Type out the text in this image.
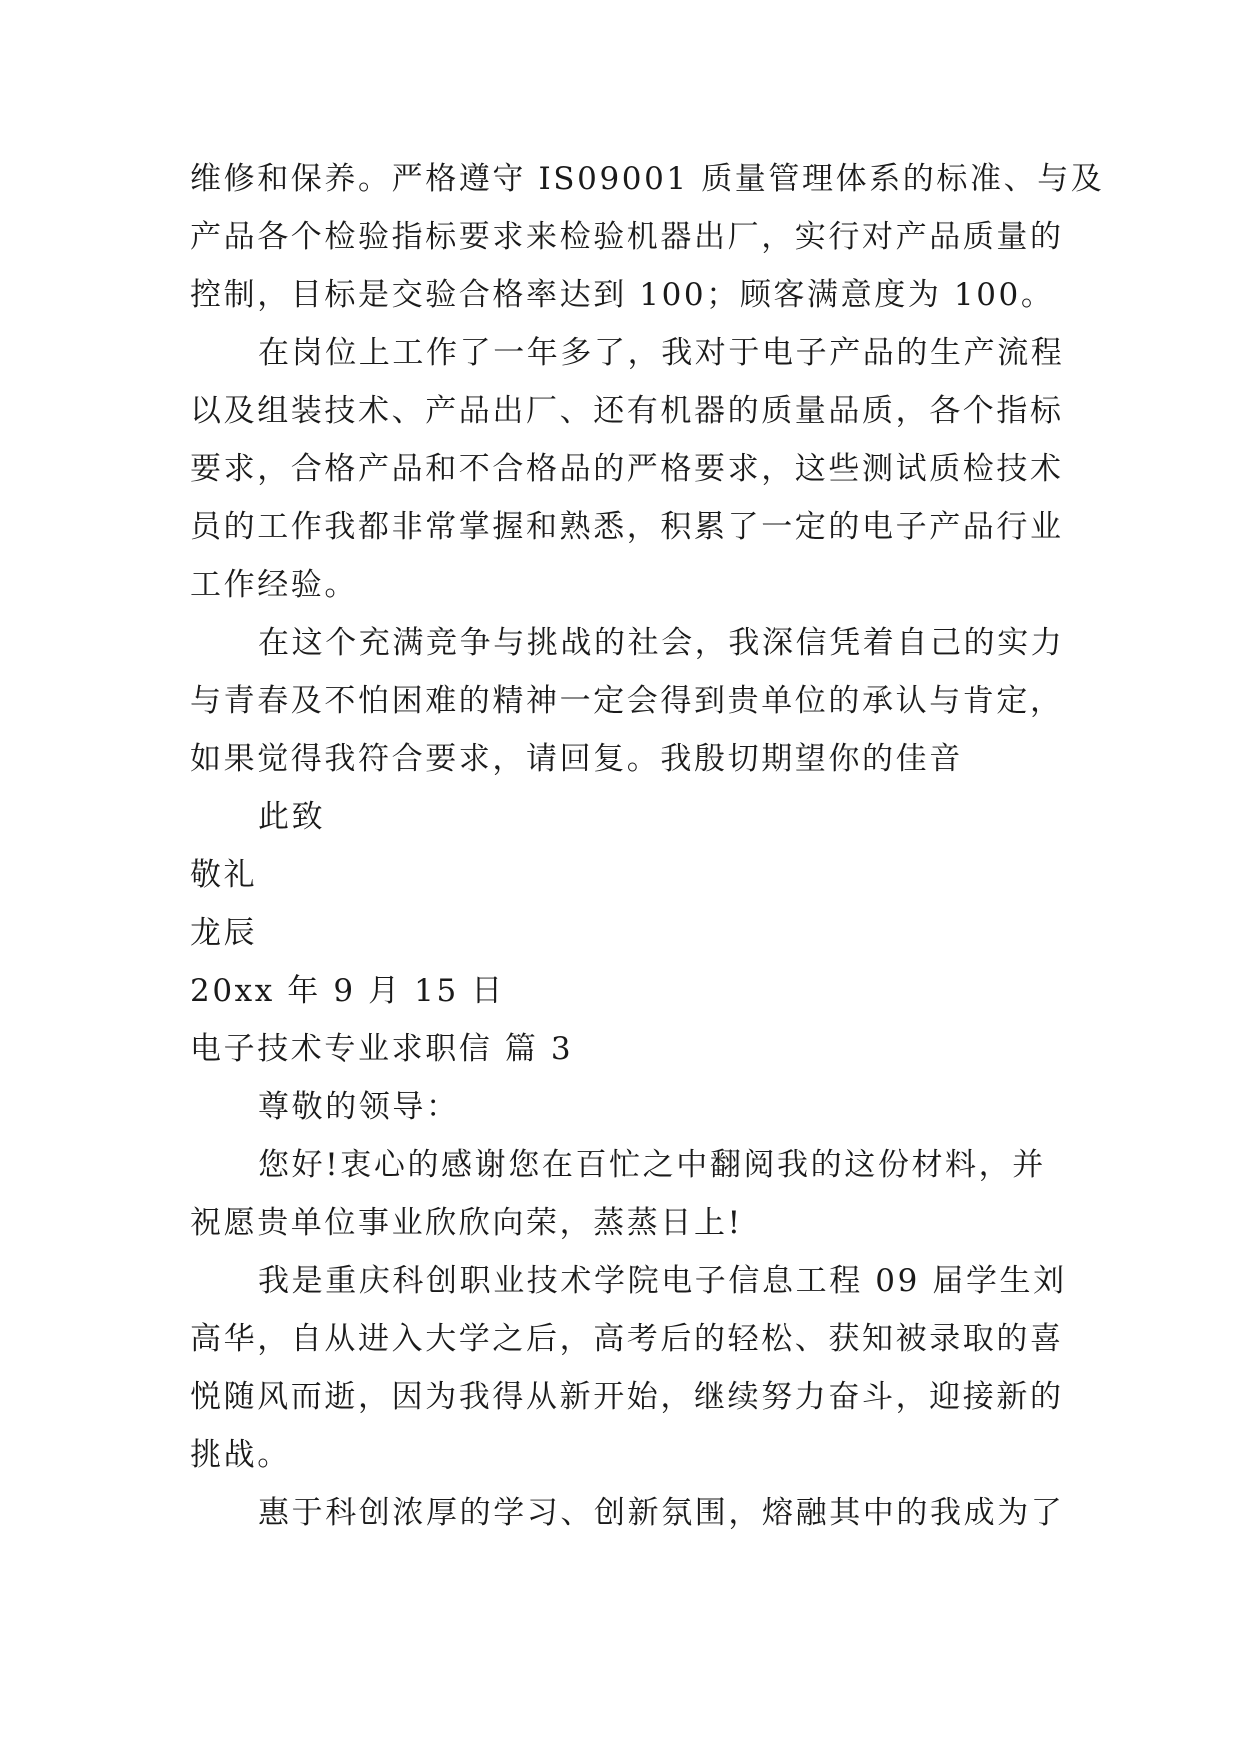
维修和保养。严格遵守 IS09001 质量管理体系的标准、与及
产品各个检验指标要求来检验机器出厂，实行对产品质量的
控制，目标是交验合格率达到 100；顾客满意度为 100。
在岗位上工作了一年多了，我对于电子产品的生产流程
以及组装技术、产品出厂、还有机器的质量品质，各个指标
要求，合格产品和不合格品的严格要求，这些测试质检技术
员的工作我都非常掌握和熟悉，积累了一定的电子产品行业
工作经验。
在这个充满竞争与挑战的社会，我深信凭着自己的实力
与青春及不怕困难的精神一定会得到贵单位的承认与肯定，
如果觉得我符合要求，请回复。我殷切期望你的佳音
此致
敬礼
龙辰
20xx 年 9 月 15 日
电子技术专业求职信 篇 3
尊敬的领导：
您好!衷心的感谢您在百忙之中翻阅我的这份材料，并
祝愿贵单位事业欣欣向荣，蒸蒸日上!
我是重庆科创职业技术学院电子信息工程 09 届学生刘
高华，自从进入大学之后，高考后的轻松、获知被录取的喜
悦随风而逝，因为我得从新开始，继续努力奋斗，迎接新的
挑战。
惠于科创浓厚的学习、创新氛围，熔融其中的我成为了
